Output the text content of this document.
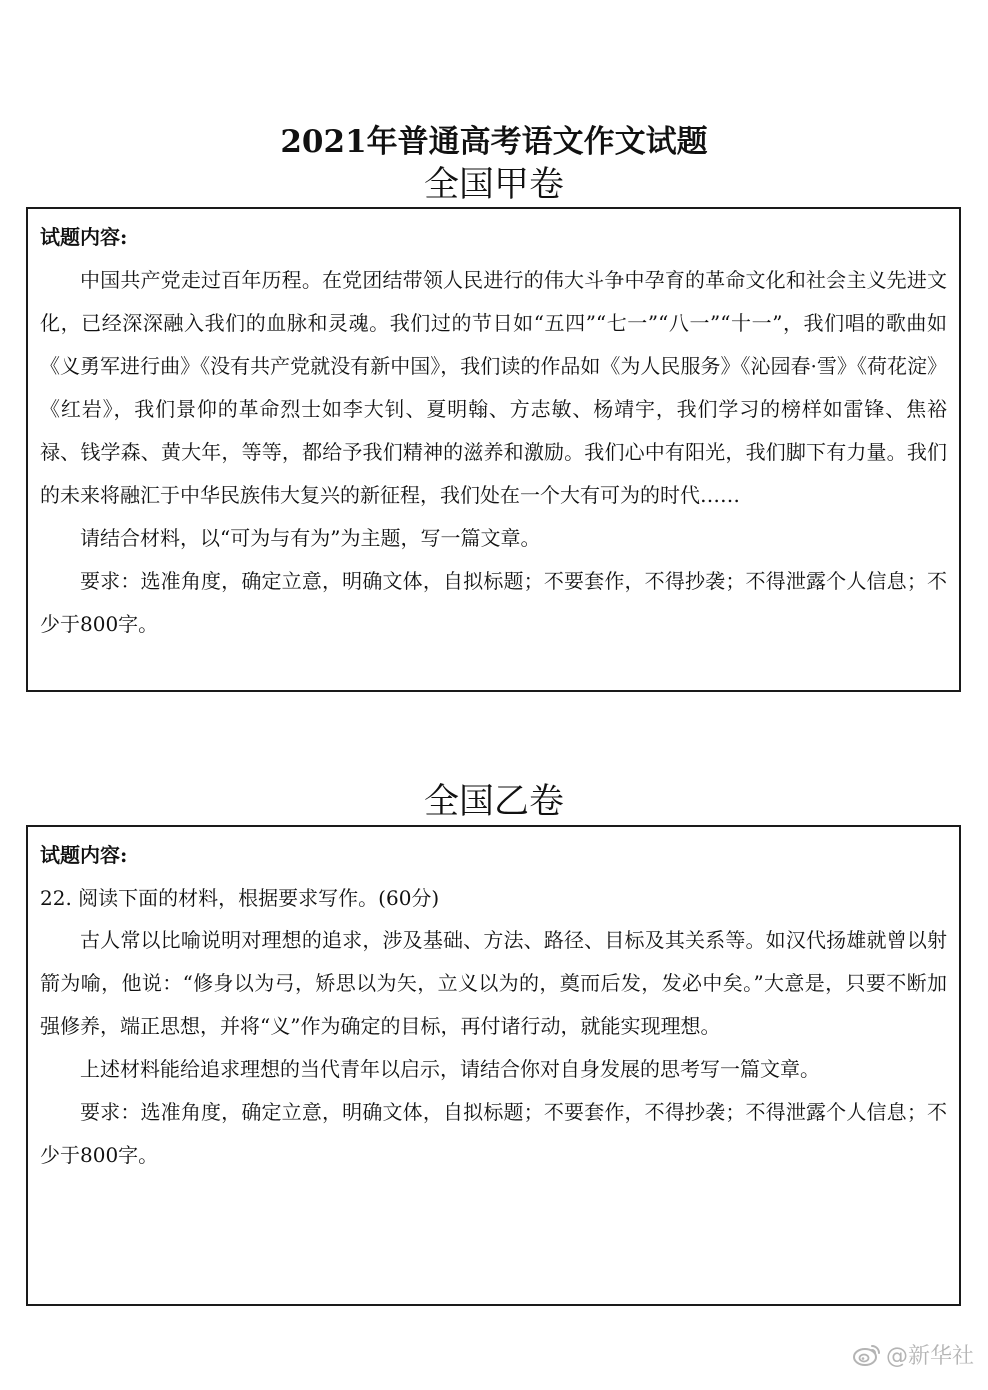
2021年普通高考语文作文试题
全国甲卷
试题内容:

中国共产党走过百年历程。在党团结带领人民进行的伟大斗争中孕育的革命文化和社会主义先进文化，已经深深融入我们的血脉和灵魂。我们过的节日如“五四”“七一”“八一”“十一”，我们唱的歌曲如《义勇军进行曲》《没有共产党就没有新中国》，我们读的作品如《为人民服务》《沁园春·雪》《荷花淀》《红岩》，我们景仰的革命烈士如李大钊、夏明翰、方志敏、杨靖宇，我们学习的榜样如雷锋、焦裕禄、钱学森、黄大年，等等，都给予我们精神的滋养和激励。我们心中有阳光，我们脚下有力量。我们的未来将融汇于中华民族伟大复兴的新征程，我们处在一个大有可为的时代……

请结合材料，以“可为与有为”为主题，写一篇文章。

要求：选准角度，确定立意，明确文体，自拟标题；不要套作，不得抄袭；不得泄露个人信息；不少于800字。

全国乙卷
试题内容:

22. 阅读下面的材料，根据要求写作。(60分)

古人常以比喻说明对理想的追求，涉及基础、方法、路径、目标及其关系等。如汉代扬雄就曾以射箭为喻，他说：“修身以为弓，矫思以为矢，立义以为的，奠而后发，发必中矣。”大意是，只要不断加强修养，端正思想，并将“义”作为确定的目标，再付诸行动，就能实现理想。

上述材料能给追求理想的当代青年以启示，请结合你对自身发展的思考写一篇文章。

要求：选准角度，确定立意，明确文体，自拟标题；不要套作，不得抄袭；不得泄露个人信息；不少于800字。

@新华社
